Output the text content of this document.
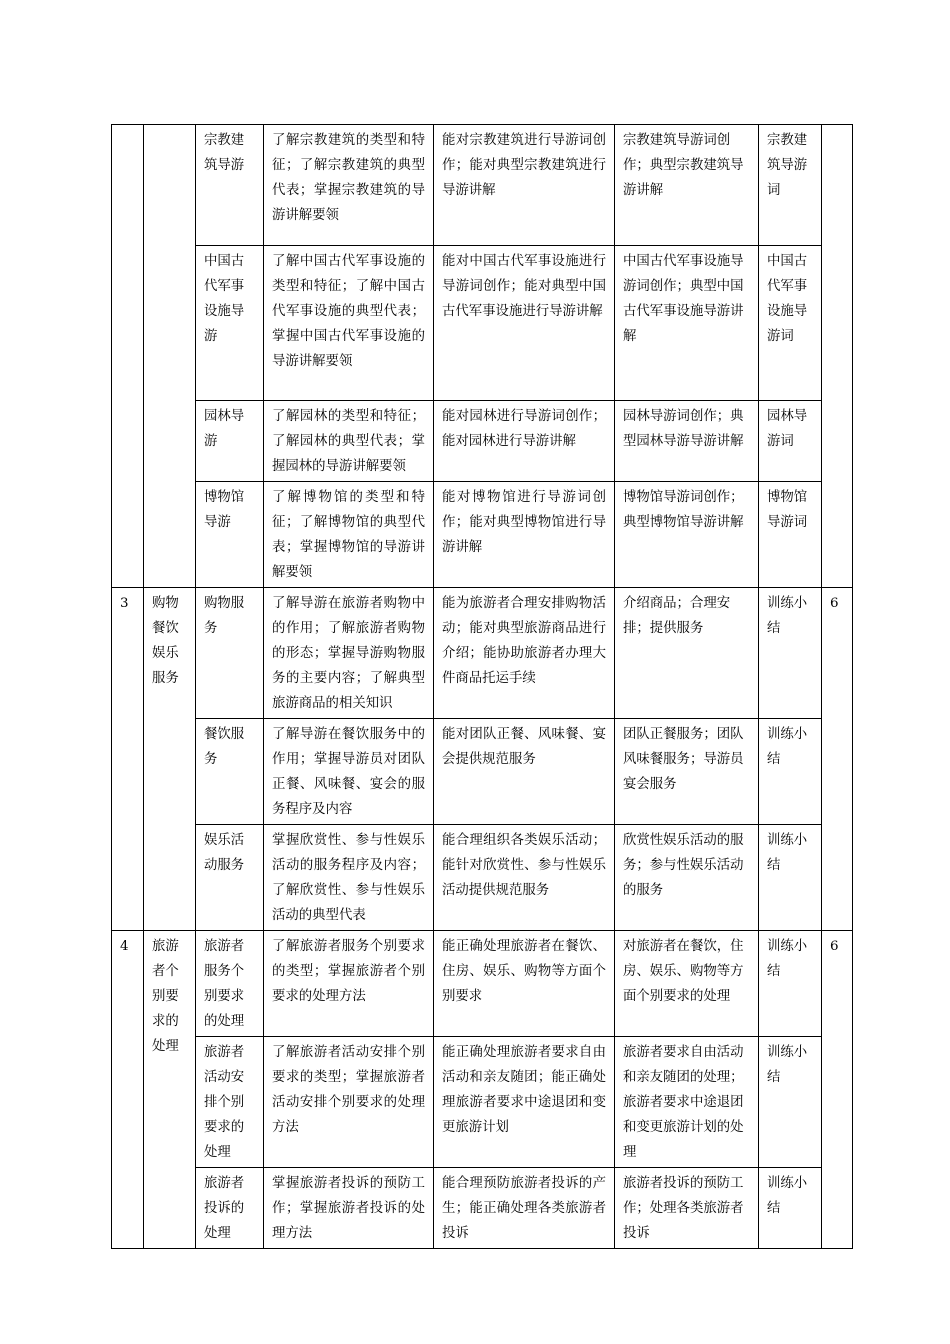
		宗教建筑导游	了解宗教建筑的类型和特征；了解宗教建筑的典型代表；掌握宗教建筑的导游讲解要领	能对宗教建筑进行导游词创作；能对典型宗教建筑进行导游讲解	宗教建筑导游词创作；典型宗教建筑导游讲解	宗教建筑导游词	
		中国古代军事设施导游	了解中国古代军事设施的类型和特征；了解中国古代军事设施的典型代表；掌握中国古代军事设施的导游讲解要领	能对中国古代军事设施进行导游词创作；能对典型中国古代军事设施进行导游讲解	中国古代军事设施导游词创作；典型中国古代军事设施导游讲解	中国古代军事设施导游词	
		园林导游	了解园林的类型和特征；了解园林的典型代表；掌握园林的导游讲解要领	能对园林进行导游词创作；能对园林进行导游讲解	园林导游词创作；典型园林导游导游讲解	园林导游词	
		博物馆导游	了解博物馆的类型和特征；了解博物馆的典型代表；掌握博物馆的导游讲解要领	能对博物馆进行导游词创作；能对典型博物馆进行导游讲解	博物馆导游词创作；典型博物馆导游讲解	博物馆导游词	
3	购物餐饮娱乐服务	购物服务	了解导游在旅游者购物中的作用；了解旅游者购物的形态；掌握导游购物服务的主要内容；了解典型旅游商品的相关知识	能为旅游者合理安排购物活动；能对典型旅游商品进行介绍；能协助旅游者办理大件商品托运手续	介绍商品；合理安排；提供服务	训练小结	6
		餐饮服务	了解导游在餐饮服务中的作用；掌握导游员对团队正餐、风味餐、宴会的服务程序及内容	能对团队正餐、风味餐、宴会提供规范服务	团队正餐服务；团队风味餐服务；导游员宴会服务	训练小结	
		娱乐活动服务	掌握欣赏性、参与性娱乐活动的服务程序及内容；了解欣赏性、参与性娱乐活动的典型代表	能合理组织各类娱乐活动；能针对欣赏性、参与性娱乐活动提供规范服务	欣赏性娱乐活动的服务；参与性娱乐活动的服务	训练小结	
4	旅游者个别要求的处理	旅游者服务个别要求的处理	了解旅游者服务个别要求的类型；掌握旅游者个别要求的处理方法	能正确处理旅游者在餐饮、住房、娱乐、购物等方面个别要求	对旅游者在餐饮，住房、娱乐、购物等方面个别要求的处理	训练小结	6
		旅游者活动安排个别要求的处理	了解旅游者活动安排个别要求的类型；掌握旅游者活动安排个别要求的处理方法	能正确处理旅游者要求自由活动和亲友随团；能正确处理旅游者要求中途退团和变更旅游计划	旅游者要求自由活动和亲友随团的处理；旅游者要求中途退团和变更旅游计划的处理	训练小结	
		旅游者投诉的处理	掌握旅游者投诉的预防工作；掌握旅游者投诉的处理方法	能合理预防旅游者投诉的产生；能正确处理各类旅游者投诉	旅游者投诉的预防工作；处理各类旅游者投诉	训练小结	
